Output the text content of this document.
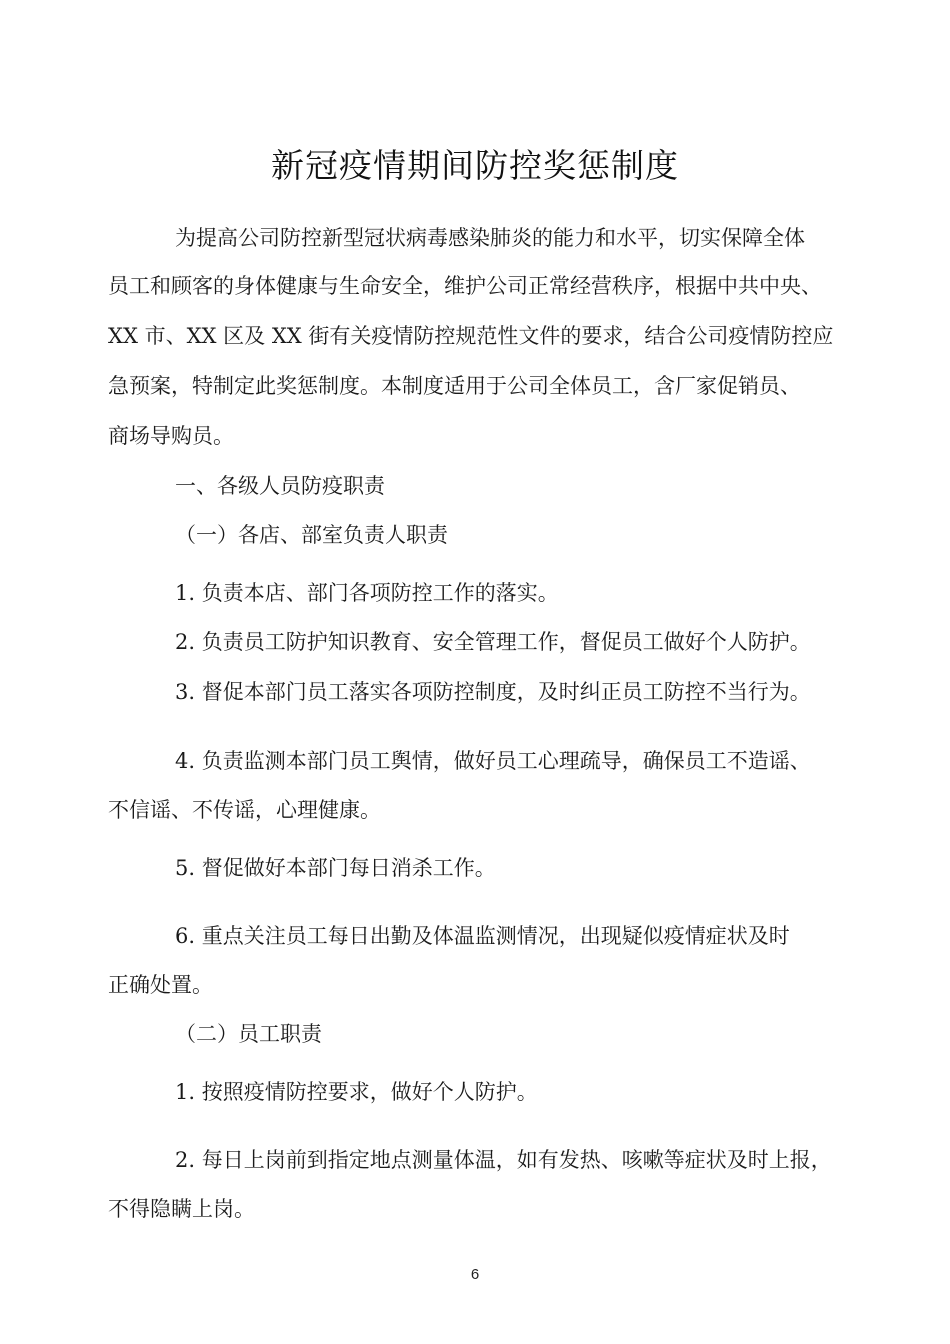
新冠疫情期间防控奖惩制度

为提高公司防控新型冠状病毒感染肺炎的能力和水平，切实保障全体

员工和顾客的身体健康与生命安全，维护公司正常经营秩序，根据中共中央、

XX 市、XX 区及 XX 街有关疫情防控规范性文件的要求，结合公司疫情防控应

急预案，特制定此奖惩制度。本制度适用于公司全体员工，含厂家促销员、

商场导购员。

一、各级人员防疫职责

（一）各店、部室负责人职责

1. 负责本店、部门各项防控工作的落实。

2. 负责员工防护知识教育、安全管理工作，督促员工做好个人防护。

3. 督促本部门员工落实各项防控制度，及时纠正员工防控不当行为。

4. 负责监测本部门员工舆情，做好员工心理疏导，确保员工不造谣、

不信谣、不传谣，心理健康。

5. 督促做好本部门每日消杀工作。

6. 重点关注员工每日出勤及体温监测情况，出现疑似疫情症状及时

正确处置。

（二）员工职责

1. 按照疫情防控要求，做好个人防护。

2. 每日上岗前到指定地点测量体温，如有发热、咳嗽等症状及时上报，

不得隐瞒上岗。

6
